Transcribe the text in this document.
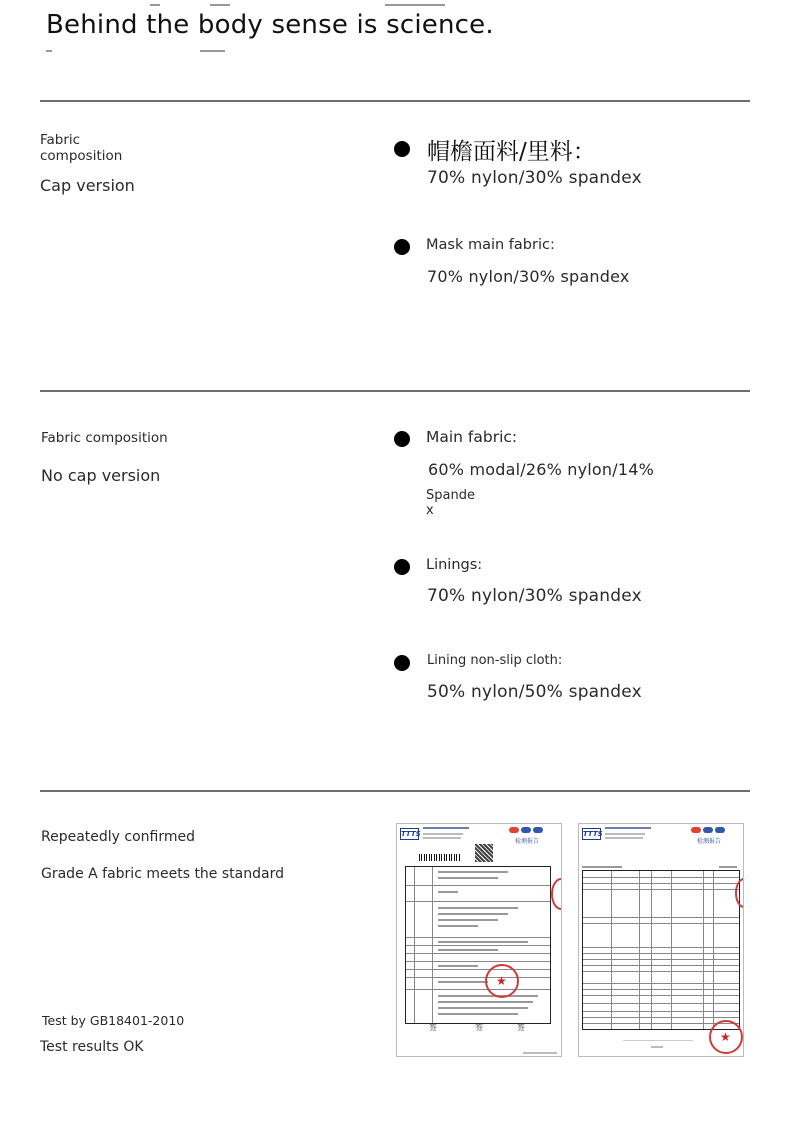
Behind the body sense is science.
Fabric composition
Cap version
帽檐面料/里料：
70% nylon/30% spandex
Mask main fabric:
70% nylon/30% spandex
Fabric composition
No cap version
Main fabric:
60% modal/26% nylon/14%
Spandex
Linings:
70% nylon/30% spandex
Lining non-slip cloth:
50% nylon/50% spandex
Repeatedly confirmed
Grade A fabric meets the standard
Test by GB18401-2010
Test results OK
TTTS
检测报告
★
签	签	签
TTTS
检测报告
★
